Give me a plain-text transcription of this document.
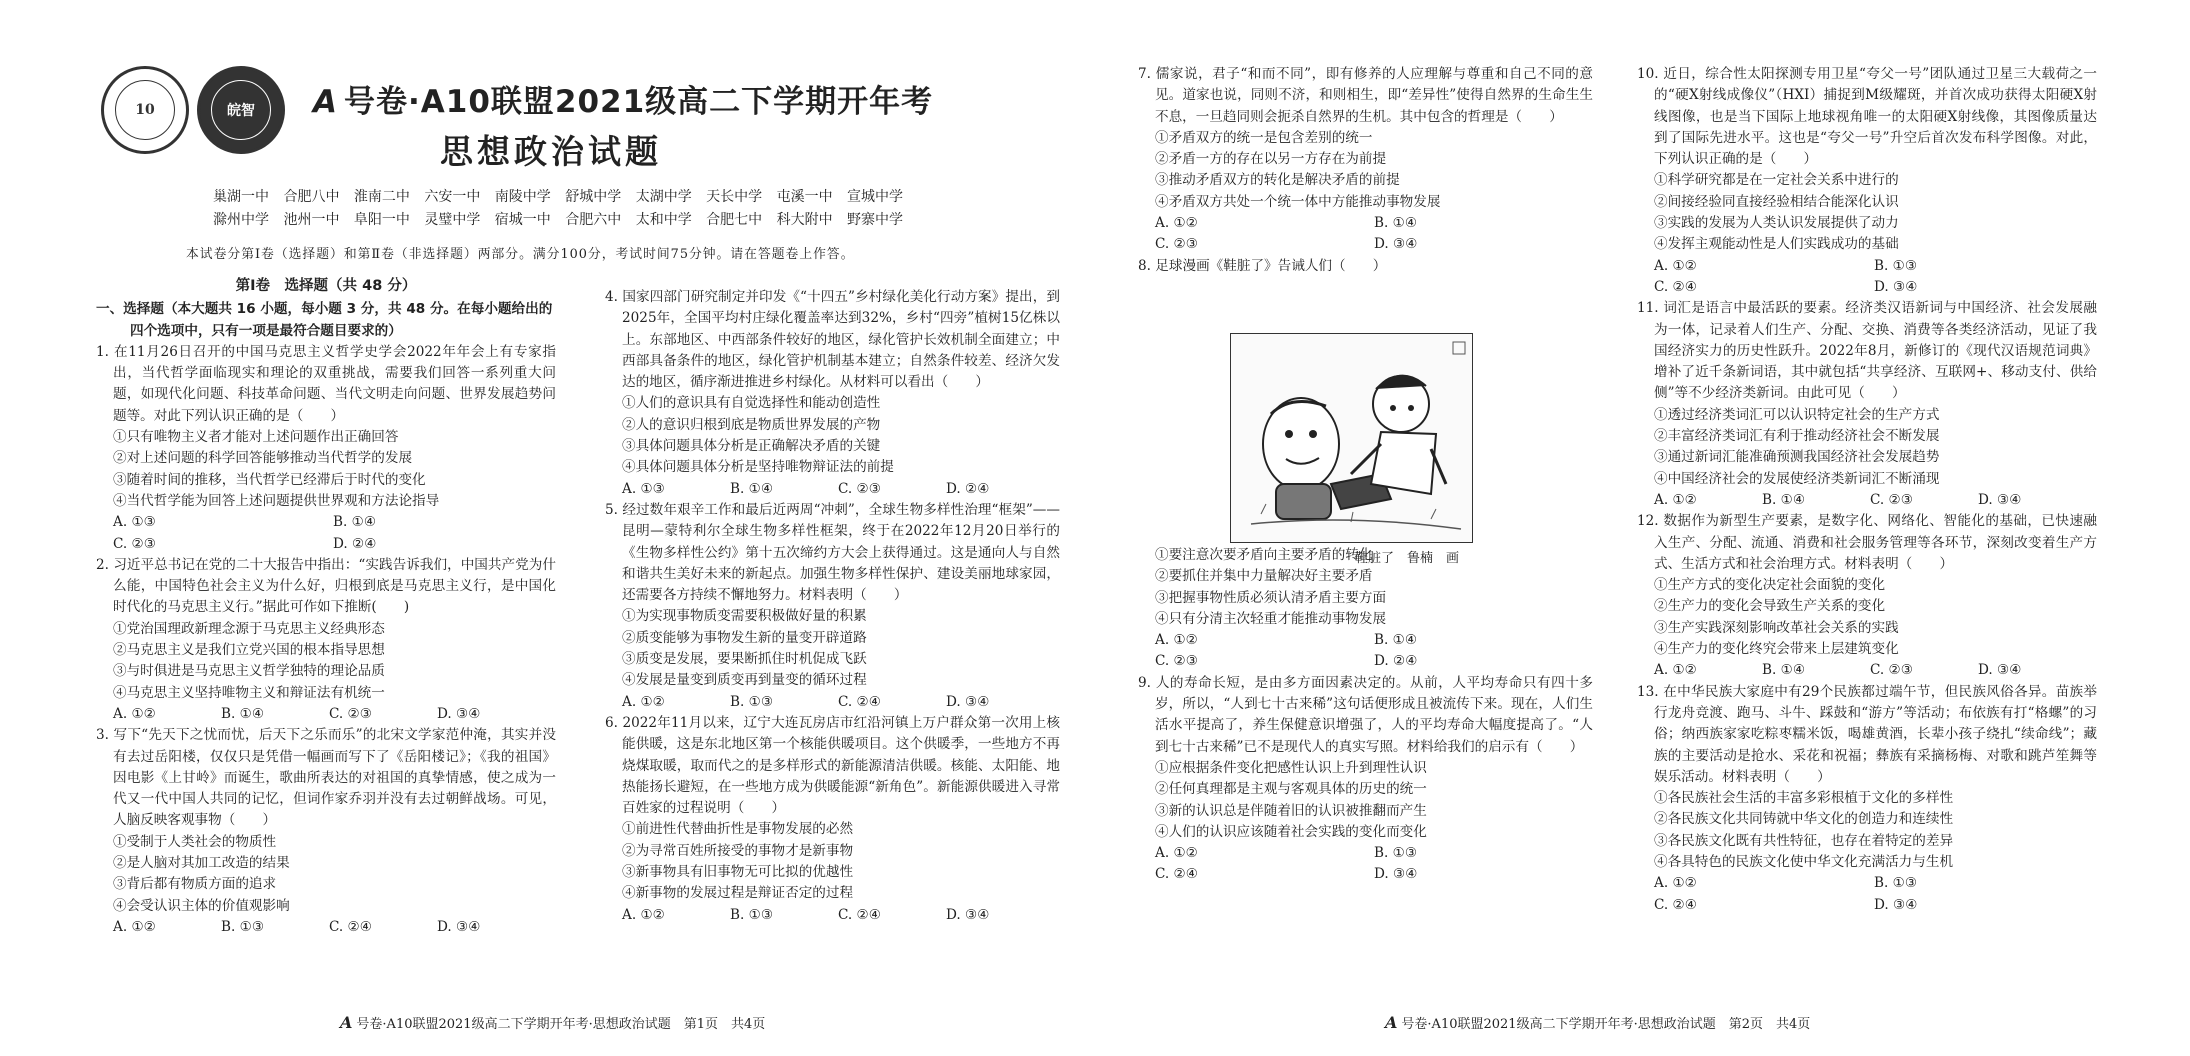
10	皖智	A 号卷·A10联盟2021级高二下学期开年考
思想政治试题
巢湖一中 合肥八中 淮南二中 六安一中 南陵中学 舒城中学 太湖中学 天长中学 屯溪一中 宣城中学
滁州中学 池州一中 阜阳一中 灵璧中学 宿城一中 合肥六中 太和中学 合肥七中 科大附中 野寨中学
本试卷分第Ⅰ卷（选择题）和第Ⅱ卷（非选择题）两部分。满分100分，考试时间75分钟。请在答题卷上作答。
第Ⅰ卷　选择题（共 48 分）
一、选择题（本大题共 16 小题，每小题 3 分，共 48 分。在每小题给出的四个选项中，只有一项是最符合题目要求的）
1. 在11月26日召开的中国马克思主义哲学史学会2022年年会上有专家指出，当代哲学面临现实和理论的双重挑战，需要我们回答一系列重大问题，如现代化问题、科技革命问题、当代文明走向问题、世界发展趋势问题等。对此下列认识正确的是（　　）
①只有唯物主义者才能对上述问题作出正确回答
②对上述问题的科学回答能够推动当代哲学的发展
③随着时间的推移，当代哲学已经滞后于时代的变化
④当代哲学能为回答上述问题提供世界观和方法论指导
A. ①③	B. ①④
C. ②③	D. ②④
2. 习近平总书记在党的二十大报告中指出：“实践告诉我们，中国共产党为什么能，中国特色社会主义为什么好，归根到底是马克思主义行，是中国化时代化的马克思主义行。”据此可作如下推断(　　)
①党治国理政新理念源于马克思主义经典形态
②马克思主义是我们立党兴国的根本指导思想
③与时俱进是马克思主义哲学独特的理论品质
④马克思主义坚持唯物主义和辩证法有机统一
A. ①②	B. ①④	C. ②③	D. ③④
3. 写下“先天下之忧而忧，后天下之乐而乐”的北宋文学家范仲淹，其实并没有去过岳阳楼，仅仅只是凭借一幅画而写下了《岳阳楼记》；《我的祖国》因电影《上甘岭》而诞生，歌曲所表达的对祖国的真挚情感，使之成为一代又一代中国人共同的记忆，但词作家乔羽并没有去过朝鲜战场。可见，人脑反映客观事物（　　）
①受制于人类社会的物质性
②是人脑对其加工改造的结果
③背后都有物质方面的追求
④会受认识主体的价值观影响
A. ①②	B. ①③	C. ②④	D. ③④
4. 国家四部门研究制定并印发《“十四五”乡村绿化美化行动方案》提出，到2025年，全国平均村庄绿化覆盖率达到32%，乡村“四旁”植树15亿株以上。东部地区、中西部条件较好的地区，绿化管护长效机制全面建立；中西部具备条件的地区，绿化管护机制基本建立；自然条件较差、经济欠发达的地区，循序渐进推进乡村绿化。从材料可以看出（　　）
①人们的意识具有自觉选择性和能动创造性
②人的意识归根到底是物质世界发展的产物
③具体问题具体分析是正确解决矛盾的关键
④具体问题具体分析是坚持唯物辩证法的前提
A. ①③	B. ①④	C. ②③	D. ②④
5. 经过数年艰辛工作和最后近两周“冲刺”，全球生物多样性治理“框架”——昆明—蒙特利尔全球生物多样性框架，终于在2022年12月20日举行的《生物多样性公约》第十五次缔约方大会上获得通过。这是通向人与自然和谐共生美好未来的新起点。加强生物多样性保护、建设美丽地球家园，还需要各方持续不懈地努力。材料表明（　　）
①为实现事物质变需要积极做好量的积累
②质变能够为事物发生新的量变开辟道路
③质变是发展，要果断抓住时机促成飞跃
④发展是量变到质变再到量变的循环过程
A. ①②	B. ①③	C. ②④	D. ③④
6. 2022年11月以来，辽宁大连瓦房店市红沿河镇上万户群众第一次用上核能供暖，这是东北地区第一个核能供暖项目。这个供暖季，一些地方不再烧煤取暖，取而代之的是多样形式的新能源清洁供暖。核能、太阳能、地热能扬长避短，在一些地方成为供暖能源“新角色”。新能源供暖进入寻常百姓家的过程说明（　　）
①前进性代替曲折性是事物发展的必然
②为寻常百姓所接受的事物才是新事物
③新事物具有旧事物无可比拟的优越性
④新事物的发展过程是辩证否定的过程
A. ①②	B. ①③	C. ②④	D. ③④
A 号卷·A10联盟2021级高二下学期开年考·思想政治试题　第1页　共4页
7. 儒家说，君子“和而不同”，即有修养的人应理解与尊重和自己不同的意见。道家也说，同则不济，和则相生，即“差异性”使得自然界的生命生生不息，一旦趋同则会扼杀自然界的生机。其中包含的哲理是（　　）
①矛盾双方的统一是包含差别的统一
②矛盾一方的存在以另一方存在为前提
③推动矛盾双方的转化是解决矛盾的前提
④矛盾双方共处一个统一体中方能推动事物发展
A. ①②	B. ①④
C. ②③	D. ③④
8. 足球漫画《鞋脏了》告诫人们（　　）
①要注意次要矛盾向主要矛盾的转化
②要抓住并集中力量解决好主要矛盾
③把握事物性质必须认清矛盾主要方面
④只有分清主次轻重才能推动事物发展
A. ①②	B. ①④
C. ②③	D. ②④
9. 人的寿命长短，是由多方面因素决定的。从前，人平均寿命只有四十多岁，所以，“人到七十古来稀”这句话便形成且被流传下来。现在，人们生活水平提高了，养生保健意识增强了，人的平均寿命大幅度提高了。“人到七十古来稀”已不是现代人的真实写照。材料给我们的启示有（　　）
①应根据条件变化把感性认识上升到理性认识
②任何真理都是主观与客观具体的历史的统一
③新的认识总是伴随着旧的认识被推翻而产生
④人们的认识应该随着社会实践的变化而变化
A. ①②	B. ①③
C. ②④	D. ③④
10. 近日，综合性太阳探测专用卫星“夸父一号”团队通过卫星三大载荷之一的“硬X射线成像仪”（HXI）捕捉到M级耀斑，并首次成功获得太阳硬X射线图像，也是当下国际上地球视角唯一的太阳硬X射线像，其图像质量达到了国际先进水平。这也是“夸父一号”升空后首次发布科学图像。对此，下列认识正确的是（　　）
①科学研究都是在一定社会关系中进行的
②间接经验同直接经验相结合能深化认识
③实践的发展为人类认识发展提供了动力
④发挥主观能动性是人们实践成功的基础
A. ①②	B. ①③
C. ②④	D. ③④
11. 词汇是语言中最活跃的要素。经济类汉语新词与中国经济、社会发展融为一体，记录着人们生产、分配、交换、消费等各类经济活动，见证了我国经济实力的历史性跃升。2022年8月，新修订的《现代汉语规范词典》增补了近千条新词语，其中就包括“共享经济、互联网+、移动支付、供给侧”等不少经济类新词。由此可见（　　）
①透过经济类词汇可以认识特定社会的生产方式
②丰富经济类词汇有利于推动经济社会不断发展
③通过新词汇能准确预测我国经济社会发展趋势
④中国经济社会的发展使经济类新词汇不断涌现
A. ①②	B. ①④	C. ②③	D. ③④
12. 数据作为新型生产要素，是数字化、网络化、智能化的基础，已快速融入生产、分配、流通、消费和社会服务管理等各环节，深刻改变着生产方式、生活方式和社会治理方式。材料表明（　　）
①生产方式的变化决定社会面貌的变化
②生产力的变化会导致生产关系的变化
③生产实践深刻影响改革社会关系的实践
④生产力的变化终究会带来上层建筑变化
A. ①②	B. ①④	C. ②③	D. ③④
13. 在中华民族大家庭中有29个民族都过端午节，但民族风俗各异。苗族举行龙舟竞渡、跑马、斗牛、踩鼓和“游方”等活动；布依族有打“格螺”的习俗；纳西族家家吃粽枣糯米饭，喝雄黄酒，长辈小孩子绕扎“续命线”；藏族的主要活动是抢水、采花和祝福；彝族有采摘杨梅、对歌和跳芦笙舞等娱乐活动。材料表明（　　）
①各民族社会生活的丰富多彩根植于文化的多样性
②各民族文化共同铸就中华文化的创造力和连续性
③各民族文化既有共性特征，也存在着特定的差异
④各具特色的民族文化使中华文化充满活力与生机
A. ①②	B. ①③
C. ②④	D. ③④
A 号卷·A10联盟2021级高二下学期开年考·思想政治试题　第2页　共4页
鞋脏了　鲁楠　画
